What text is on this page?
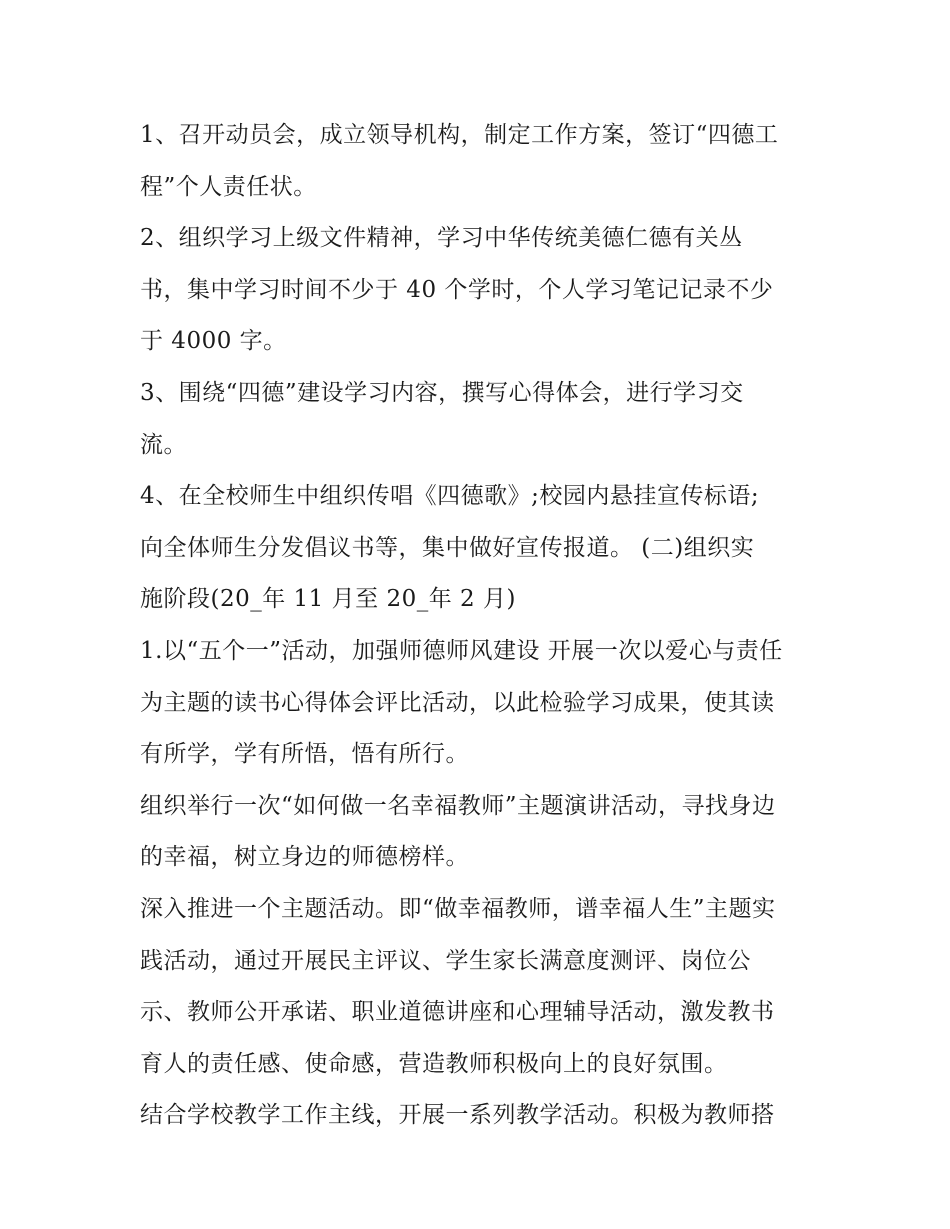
1、召开动员会，成立领导机构，制定工作方案，签订“四德工
程”个人责任状。
2、组织学习上级文件精神，学习中华传统美德仁德有关丛
书，集中学习时间不少于 40 个学时，个人学习笔记记录不少
于 4000 字。
3、围绕“四德”建设学习内容，撰写心得体会，进行学习交
流。
4、在全校师生中组织传唱《四德歌》;校园内悬挂宣传标语;
向全体师生分发倡议书等，集中做好宣传报道。 (二)组织实
施阶段(20_年 11 月至 20_年 2 月)
1.以“五个一”活动，加强师德师风建设 开展一次以爱心与责任
为主题的读书心得体会评比活动，以此检验学习成果，使其读
有所学，学有所悟，悟有所行。
组织举行一次“如何做一名幸福教师”主题演讲活动，寻找身边
的幸福，树立身边的师德榜样。
深入推进一个主题活动。即“做幸福教师，谱幸福人生”主题实
践活动，通过开展民主评议、学生家长满意度测评、岗位公
示、教师公开承诺、职业道德讲座和心理辅导活动，激发教书
育人的责任感、使命感，营造教师积极向上的良好氛围。
结合学校教学工作主线，开展一系列教学活动。积极为教师搭
